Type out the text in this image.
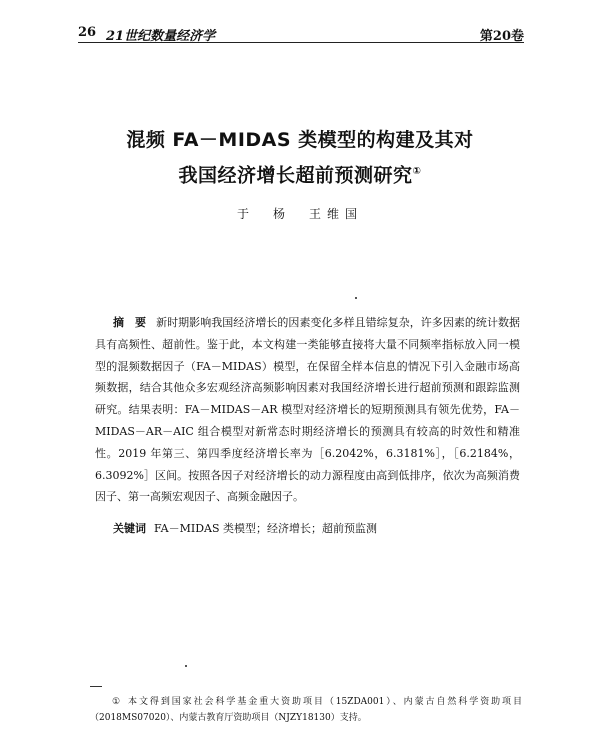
26 21世纪数量经济学	第20卷
混频 FA－MIDAS 类模型的构建及其对
我国经济增长超前预测研究①
于　杨　王维国
摘　要 新时期影响我国经济增长的因素变化多样且错综复杂，许多因素的统计数据具有高频性、超前性。鉴于此，本文构建一类能够直接将大量不同频率指标放入同一模型的混频数据因子（FA－MIDAS）模型，在保留全样本信息的情况下引入金融市场高频数据，结合其他众多宏观经济高频影响因素对我国经济增长进行超前预测和跟踪监测研究。结果表明：FA－MIDAS－AR 模型对经济增长的短期预测具有领先优势，FA－MIDAS－AR－AIC 组合模型对新常态时期经济增长的预测具有较高的时效性和精准性。2019 年第三、第四季度经济增长率为［6.2042%，6.3181%］，［6.2184%，6.3092%］区间。按照各因子对经济增长的动力源程度由高到低排序，依次为高频消费因子、第一高频宏观因子、高频金融因子。
关键词 FA－MIDAS 类模型；经济增长；超前预监测
① 本文得到国家社会科学基金重大资助项目（15ZDA001）、内蒙古自然科学资助项目（2018MS07020）、内蒙古教育厅资助项目（NJZY18130）支持。
